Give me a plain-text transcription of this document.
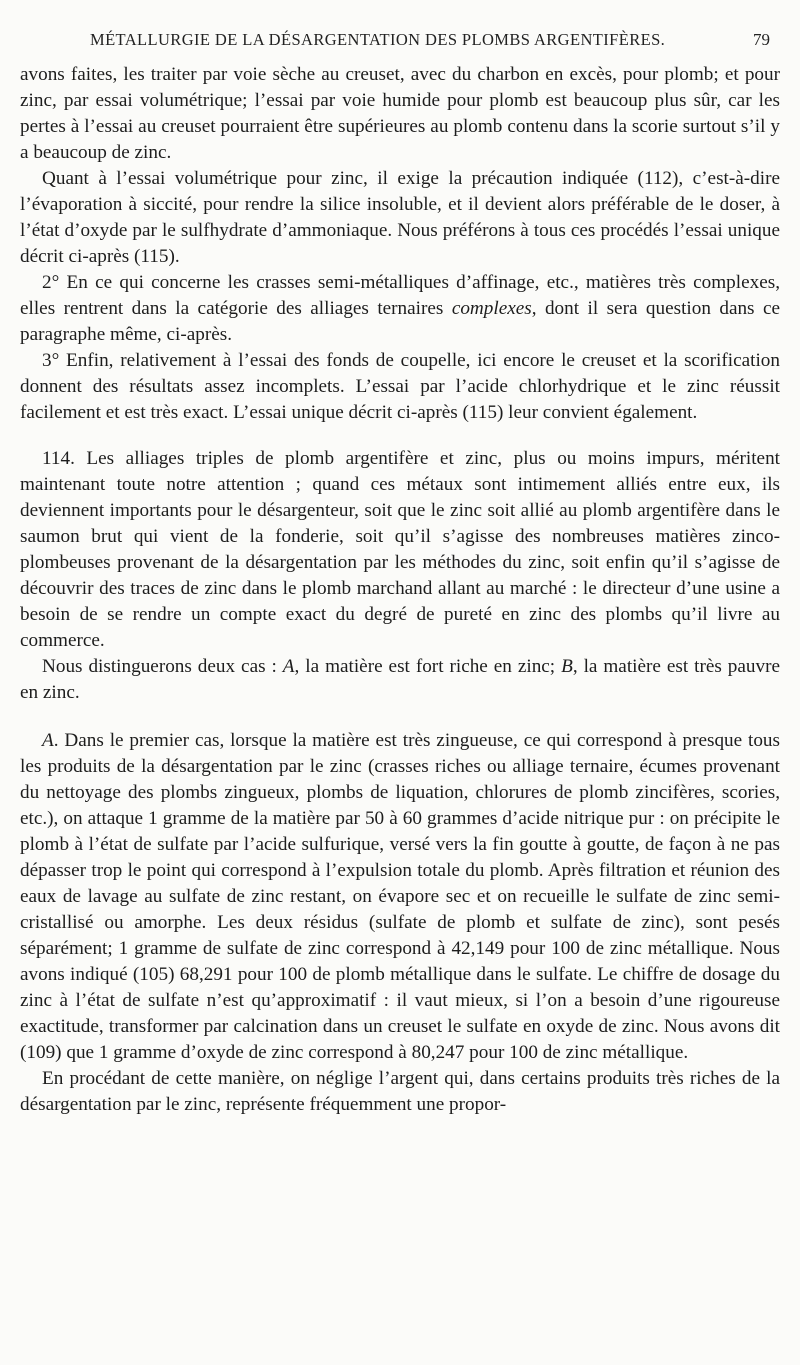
MÉTALLURGIE DE LA DÉSARGENTATION DES PLOMBS ARGENTIFÈRES.	79

avons faites, les traiter par voie sèche au creuset, avec du charbon en excès, pour plomb; et pour zinc, par essai volumétrique; l’essai par voie humide pour plomb est beaucoup plus sûr, car les pertes à l’essai au creuset pourraient être supérieures au plomb contenu dans la scorie surtout s’il y a beaucoup de zinc.

Quant à l’essai volumétrique pour zinc, il exige la précaution indiquée (112), c’est-à-dire l’évaporation à siccité, pour rendre la silice insoluble, et il devient alors préférable de le doser, à l’état d’oxyde par le sulfhydrate d’ammoniaque. Nous préférons à tous ces procédés l’essai unique décrit ci-après (115).

2° En ce qui concerne les crasses semi-métalliques d’affinage, etc., matières très complexes, elles rentrent dans la catégorie des alliages ternaires complexes, dont il sera question dans ce paragraphe même, ci-après.

3° Enfin, relativement à l’essai des fonds de coupelle, ici encore le creuset et la scorification donnent des résultats assez incomplets. L’essai par l’acide chlorhydrique et le zinc réussit facilement et est très exact. L’essai unique décrit ci-après (115) leur convient également.

114. Les alliages triples de plomb argentifère et zinc, plus ou moins impurs, méritent maintenant toute notre attention ; quand ces métaux sont intimement alliés entre eux, ils deviennent importants pour le désargenteur, soit que le zinc soit allié au plomb argentifère dans le saumon brut qui vient de la fonderie, soit qu’il s’agisse des nombreuses matières zinco-plombeuses provenant de la désargentation par les méthodes du zinc, soit enfin qu’il s’agisse de découvrir des traces de zinc dans le plomb marchand allant au marché : le directeur d’une usine a besoin de se rendre un compte exact du degré de pureté en zinc des plombs qu’il livre au commerce.

Nous distinguerons deux cas : A, la matière est fort riche en zinc; B, la matière est très pauvre en zinc.

A. Dans le premier cas, lorsque la matière est très zingueuse, ce qui correspond à presque tous les produits de la désargentation par le zinc (crasses riches ou alliage ternaire, écumes provenant du nettoyage des plombs zingueux, plombs de liquation, chlorures de plomb zincifères, scories, etc.), on attaque 1 gramme de la matière par 50 à 60 grammes d’acide nitrique pur : on précipite le plomb à l’état de sulfate par l’acide sulfurique, versé vers la fin goutte à goutte, de façon à ne pas dépasser trop le point qui correspond à l’expulsion totale du plomb. Après filtration et réunion des eaux de lavage au sulfate de zinc restant, on évapore sec et on recueille le sulfate de zinc semi-cristallisé ou amorphe. Les deux résidus (sulfate de plomb et sulfate de zinc), sont pesés séparément; 1 gramme de sulfate de zinc correspond à 42,149 pour 100 de zinc métallique. Nous avons indiqué (105) 68,291 pour 100 de plomb métallique dans le sulfate. Le chiffre de dosage du zinc à l’état de sulfate n’est qu’approximatif : il vaut mieux, si l’on a besoin d’une rigoureuse exactitude, transformer par calcination dans un creuset le sulfate en oxyde de zinc. Nous avons dit (109) que 1 gramme d’oxyde de zinc correspond à 80,247 pour 100 de zinc métallique.

En procédant de cette manière, on néglige l’argent qui, dans certains produits très riches de la désargentation par le zinc, représente fréquemment une propor-
